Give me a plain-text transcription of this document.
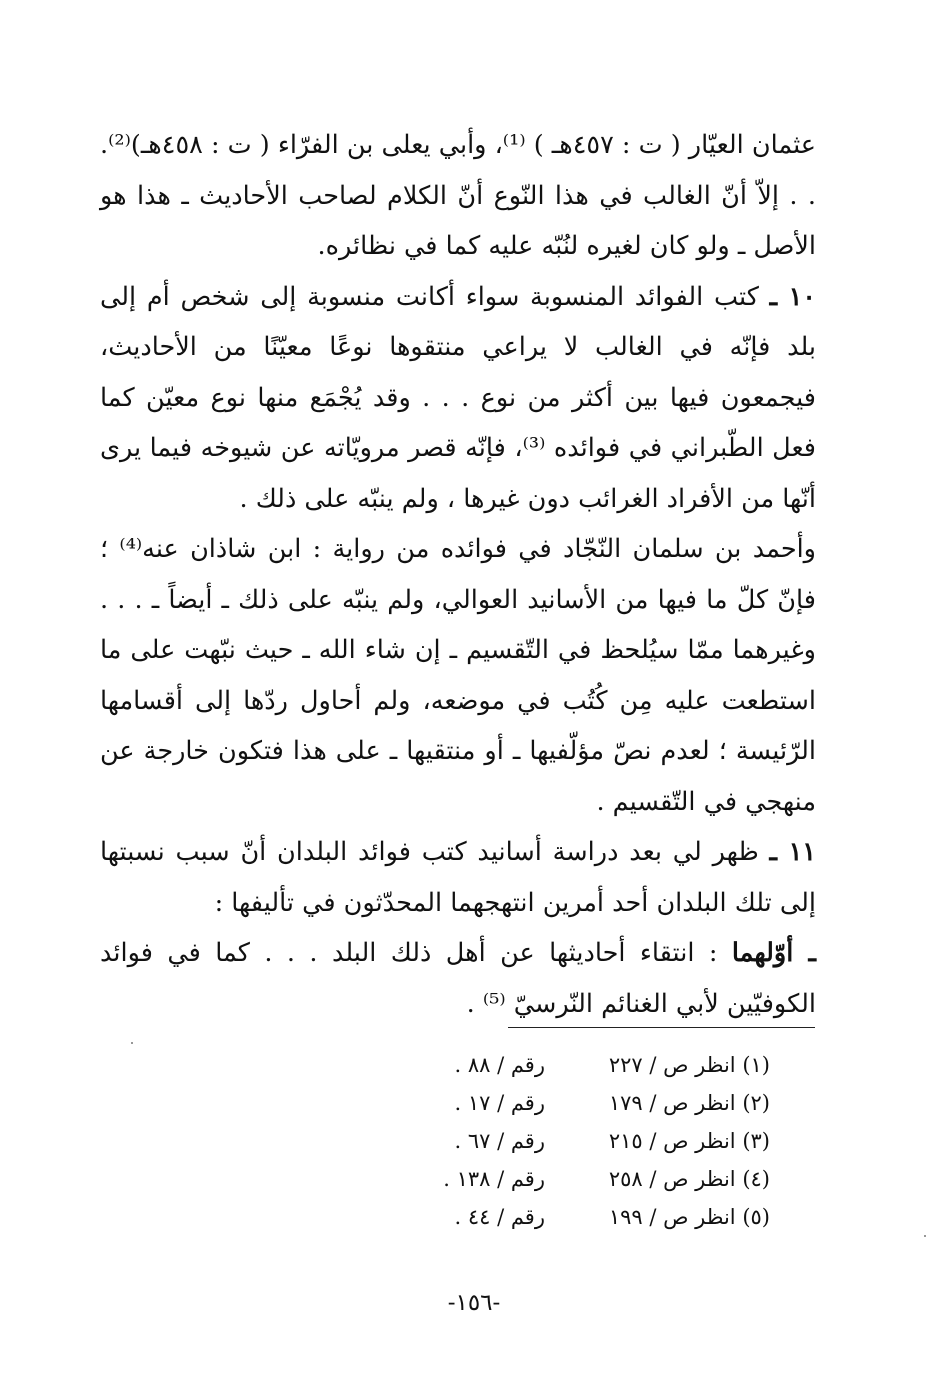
عثمان العيّار ( ت : ٤٥٧هـ ) ⁽¹⁾، وأبي يعلى بن الفرّاء ( ت : ٤٥٨هـ)⁽²⁾. . . إلاّ أنّ الغالب في هذا النّوع أنّ الكلام لصاحب الأحاديث ـ هذا هو الأصل ـ ولو كان لغيره لنُبّه عليه كما في نظائره.

١٠ ـ كتب الفوائد المنسوبة سواء أكانت منسوبة إلى شخص أم إلى بلد فإنّه في الغالب لا يراعي منتقوها نوعًا معيّنًا من الأحاديث، فيجمعون فيها بين أكثر من نوع . . . وقد يُجْمَع منها نوع معيّن كما فعل الطّبراني في فوائده ⁽³⁾، فإنّه قصر مرويّاته عن شيوخه فيما يرى أنّها من الأفراد الغرائب دون غيرها ، ولم ينبّه على ذلك .

وأحمد بن سلمان النّجّاد في فوائده من رواية : ابن شاذان عنه⁽⁴⁾ ؛ فإنّ كلّ ما فيها من الأسانيد العوالي، ولم ينبّه على ذلك ـ أيضاً ـ . . . وغيرهما ممّا سيُلحظ في التّقسيم ـ إن شاء الله ـ حيث نبّهت على ما استطعت عليه مِن كُتُب في موضعه، ولم أحاول ردّها إلى أقسامها الرّئيسة ؛ لعدم نصّ مؤلّفيها ـ أو منتقيها ـ على هذا فتكون خارجة عن منهجي في التّقسيم .

١١ ـ ظهر لي بعد دراسة أسانيد كتب فوائد البلدان أنّ سبب نسبتها إلى تلك البلدان أحد أمرين انتهجهما المحدّثون في تأليفها :

ـ أوّلهما : انتقاء أحاديثها عن أهل ذلك البلد . . . كما في فوائد الكوفيّين لأبي الغنائم النّرسيّ ⁽⁵⁾ .

(١) انظر ص / ٢٢٧
رقم / ٨٨ .
(٢) انظر ص / ١٧٩
رقم / ١٧ .
(٣) انظر ص / ٢١٥
رقم / ٦٧ .
(٤) انظر ص / ٢٥٨
رقم / ١٣٨ .
(٥) انظر ص / ١٩٩
رقم / ٤٤ .
-١٥٦-
